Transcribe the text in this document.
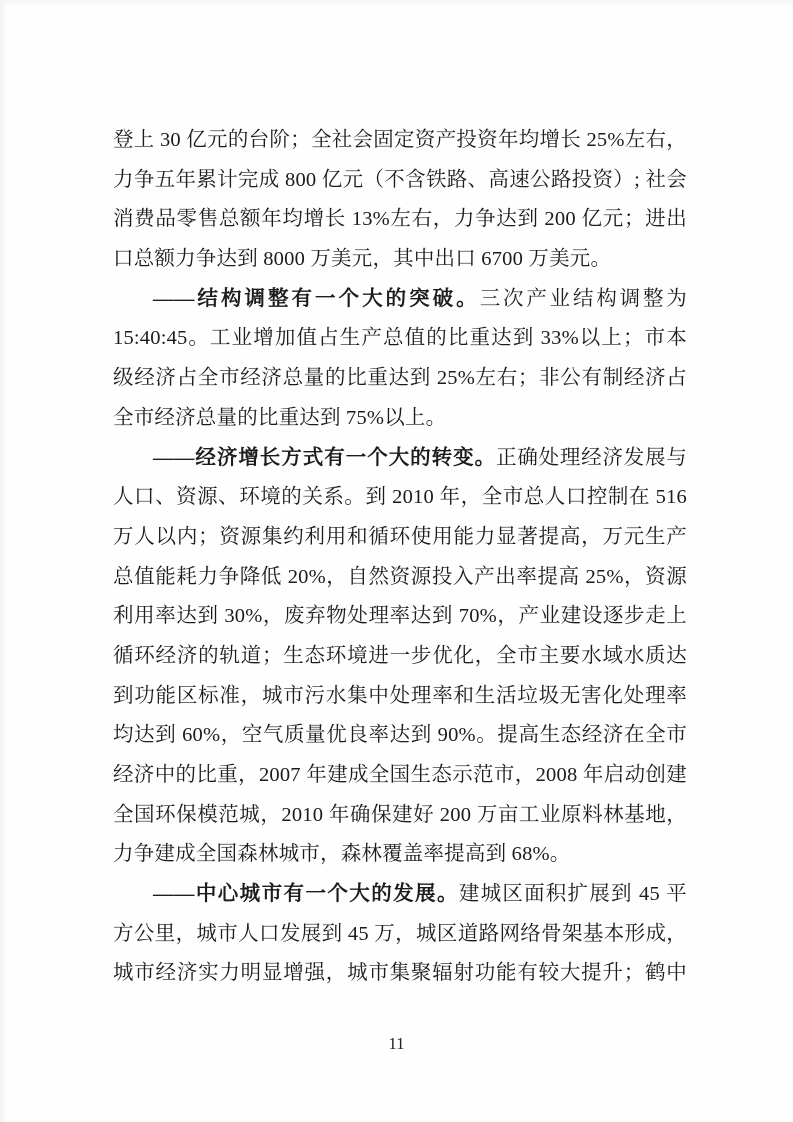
登上 30 亿元的台阶；全社会固定资产投资年均增长 25%左右，
力争五年累计完成 800 亿元（不含铁路、高速公路投资）; 社会
消费品零售总额年均增长 13%左右，力争达到 200 亿元；进出
口总额力争达到 8000 万美元，其中出口 6700 万美元。
——结构调整有一个大的突破。三次产业结构调整为
15:40:45。工业增加值占生产总值的比重达到 33%以上；市本
级经济占全市经济总量的比重达到 25%左右；非公有制经济占
全市经济总量的比重达到 75%以上。
——经济增长方式有一个大的转变。正确处理经济发展与
人口、资源、环境的关系。到 2010 年，全市总人口控制在 516
万人以内；资源集约利用和循环使用能力显著提高，万元生产
总值能耗力争降低 20%，自然资源投入产出率提高 25%，资源
利用率达到 30%，废弃物处理率达到 70%，产业建设逐步走上
循环经济的轨道；生态环境进一步优化，全市主要水域水质达
到功能区标准，城市污水集中处理率和生活垃圾无害化处理率
均达到 60%，空气质量优良率达到 90%。提高生态经济在全市
经济中的比重，2007 年建成全国生态示范市，2008 年启动创建
全国环保模范城，2010 年确保建好 200 万亩工业原料林基地，
力争建成全国森林城市，森林覆盖率提高到 68%。
——中心城市有一个大的发展。建城区面积扩展到 45 平
方公里，城市人口发展到 45 万，城区道路网络骨架基本形成，
城市经济实力明显增强，城市集聚辐射功能有较大提升；鹤中
11
